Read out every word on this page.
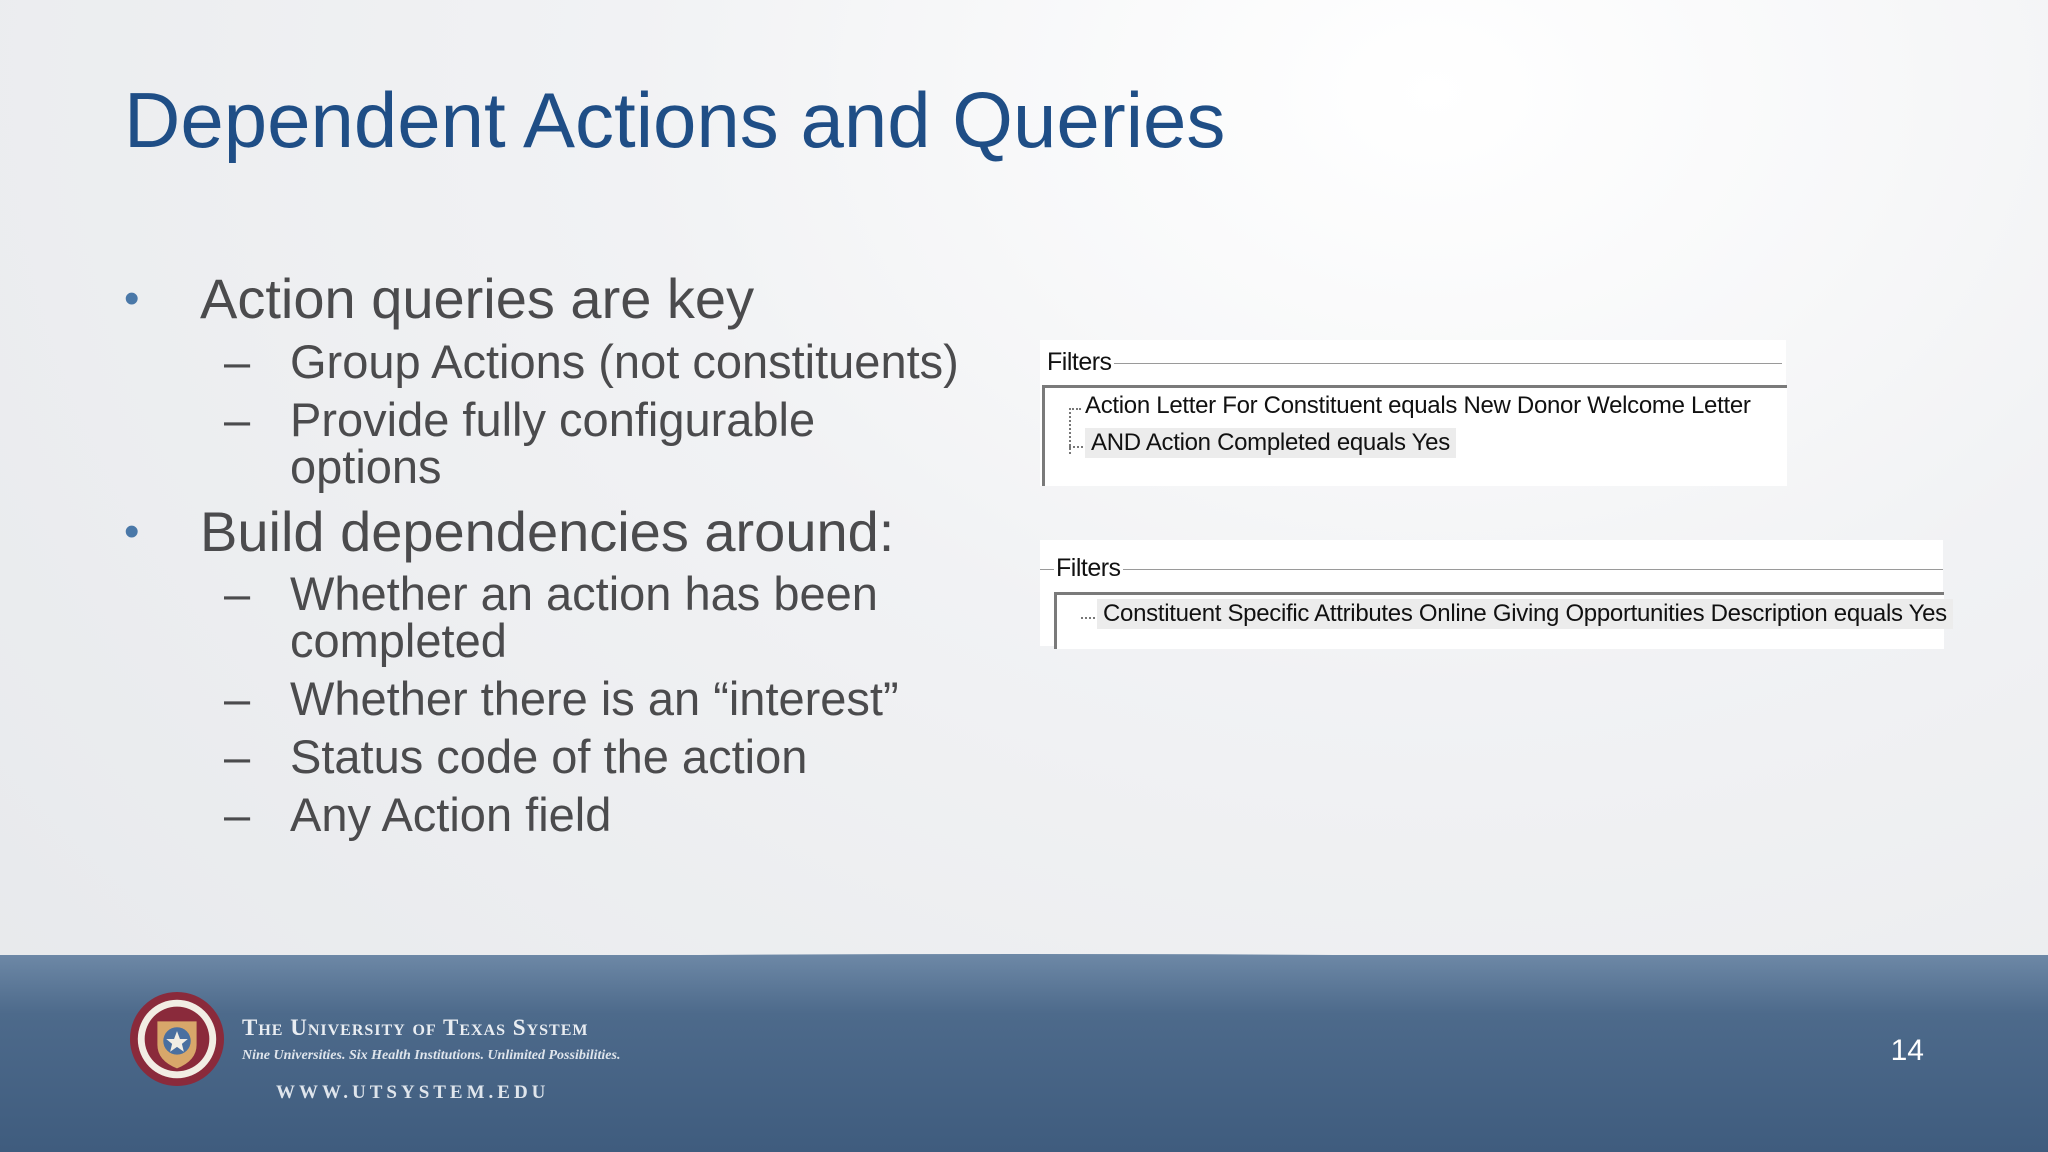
Dependent Actions and Queries
• Action queries are key
– Group Actions (not constituents)
– Provide fully configurable options
• Build dependencies around:
– Whether an action has been completed
– Whether there is an “interest”
– Status code of the action
– Any Action field
Filters
Action Letter For Constituent equals New Donor Welcome Letter
AND Action Completed equals Yes
Filters
Constituent Specific Attributes Online Giving Opportunities Description equals Yes
The University of Texas System
Nine Universities. Six Health Institutions. Unlimited Possibilities.
WWW.UTSYSTEM.EDU
14
